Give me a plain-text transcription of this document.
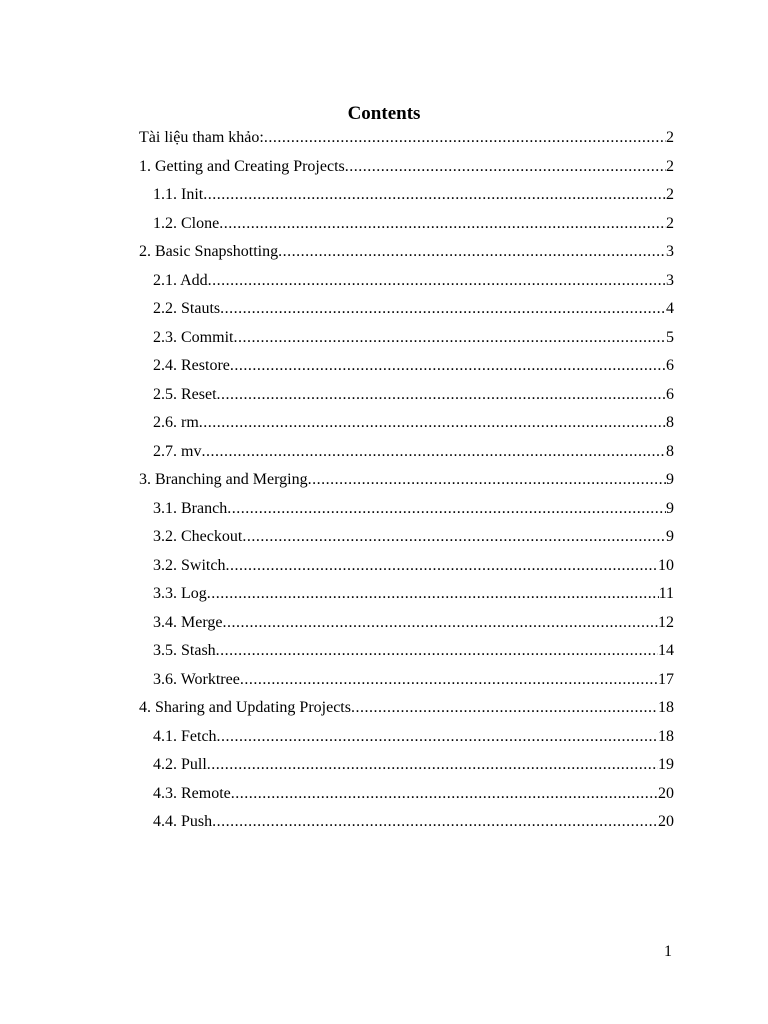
Contents
Tài liệu tham khảo: .....	2
1. Getting and Creating Projects .....	2
1.1. Init .....	2
1.2. Clone .....	2
2. Basic Snapshotting .....	3
2.1. Add .....	3
2.2. Stauts .....	4
2.3. Commit .....	5
2.4. Restore .....	6
2.5. Reset .....	6
2.6. rm .....	8
2.7. mv .....	8
3. Branching and Merging .....	9
3.1. Branch .....	9
3.2. Checkout .....	9
3.2. Switch .....	10
3.3. Log .....	11
3.4. Merge .....	12
3.5. Stash .....	14
3.6. Worktree .....	17
4. Sharing and Updating Projects .....	18
4.1. Fetch .....	18
4.2. Pull .....	19
4.3. Remote .....	20
4.4. Push .....	20
1
